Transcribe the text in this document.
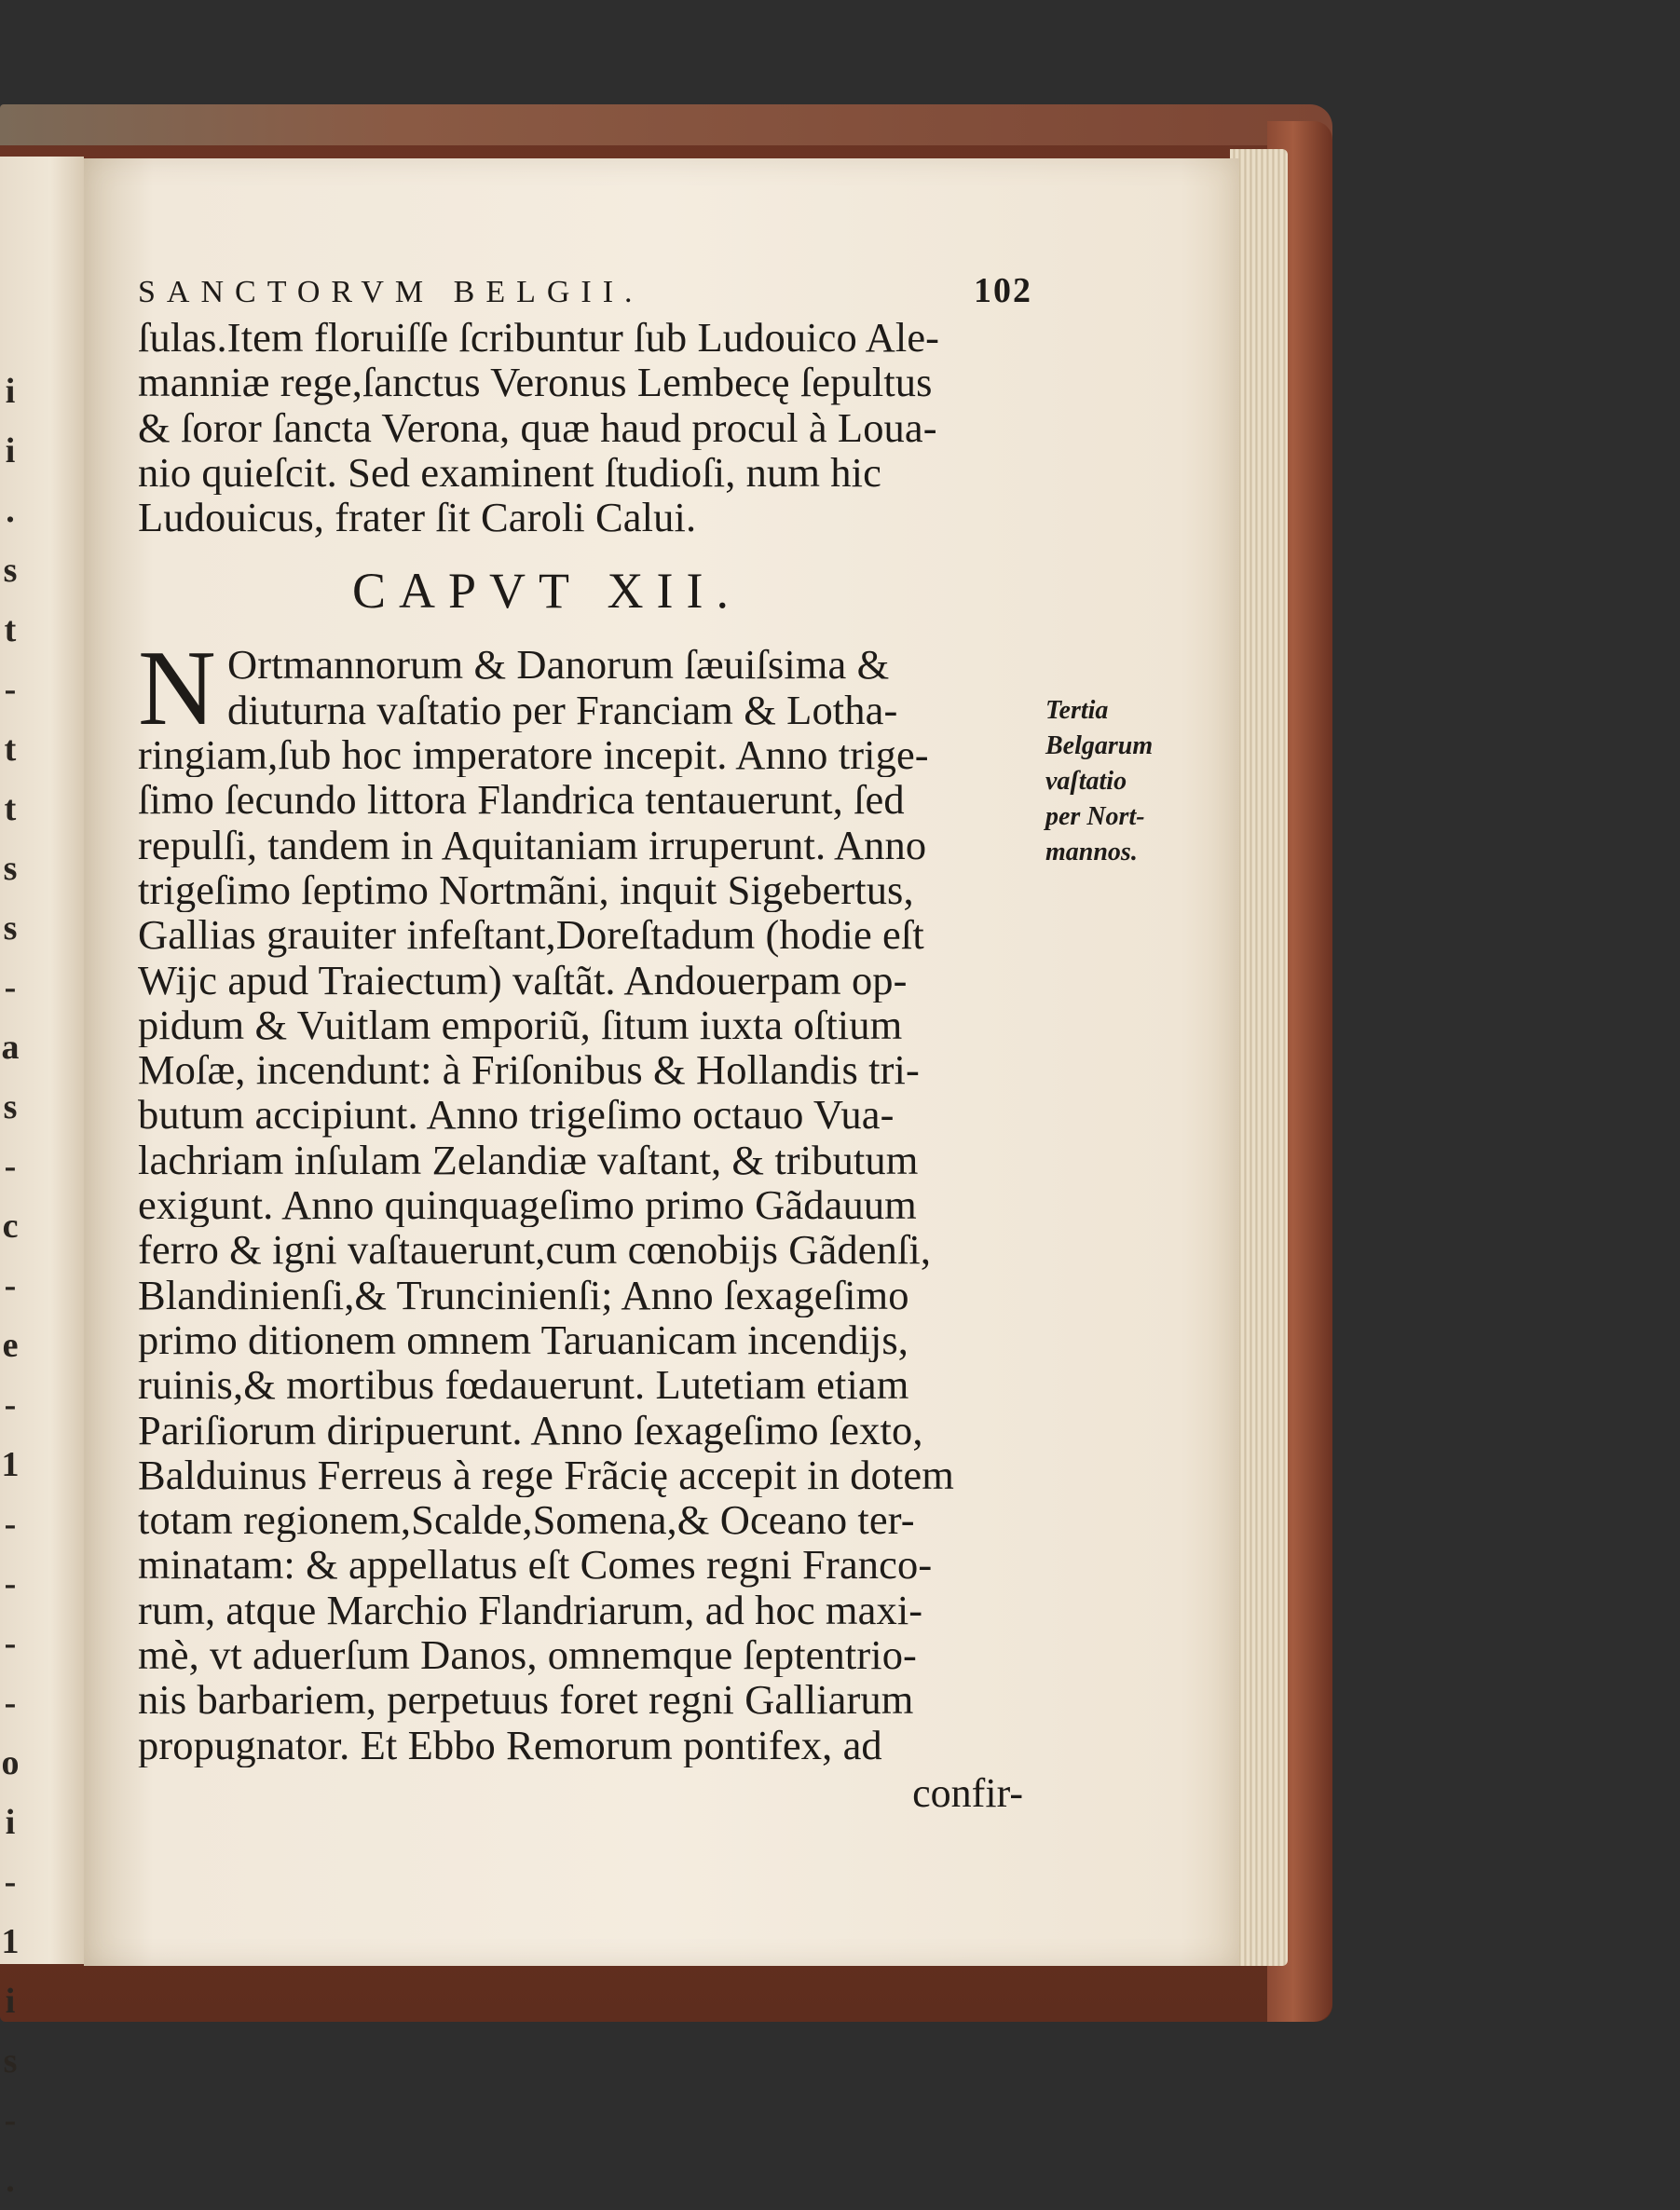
i
i
.
s
t
-
t
t
s
s
-
a
s
-
c
-
e
-
1
-
-
-
-
o
i
-
1
i
s
-
.
SANCTORVM BELGII.	102
ſulas.Item floruiſſe ſcribuntur ſub Ludouico Ale-
manniæ rege,ſanctus Veronus Lembecę ſepultus
& ſoror ſancta Verona, quæ haud procul à Loua-
nio quieſcit. Sed examinent ſtudioſi, num hic
Ludouicus, frater ſit Caroli Calui.
CAPVT XII.
N Ortmannorum & Danorum ſæuiſsima &
diuturna vaſtatio per Franciam & Lotha-
ringiam,ſub hoc imperatore incepit. Anno trige-
ſimo ſecundo littora Flandrica tentauerunt, ſed
repulſi, tandem in Aquitaniam irruperunt. Anno
trigeſimo ſeptimo Nortmãni, inquit Sigebertus,
Gallias grauiter infeſtant,Doreſtadum (hodie eſt
Wijc apud Traiectum) vaſtãt. Andouerpam op-
pidum & Vuitlam emporiũ, ſitum iuxta oſtium
Moſæ, incendunt: à Friſonibus & Hollandis tri-
butum accipiunt. Anno trigeſimo octauo Vua-
lachriam inſulam Zelandiæ vaſtant, & tributum
exigunt. Anno quinquageſimo primo Gãdauum
ferro & igni vaſtauerunt,cum cœnobijs Gãdenſi,
Blandinienſi,& Truncinienſi; Anno ſexageſimo
primo ditionem omnem Taruanicam incendijs,
ruinis,& mortibus fœdauerunt. Lutetiam etiam
Pariſiorum diripuerunt. Anno ſexageſimo ſexto,
Balduinus Ferreus à rege Frãcię accepit in dotem
totam regionem,Scalde,Somena,& Oceano ter-
minatam: & appellatus eſt Comes regni Franco-
rum, atque Marchio Flandriarum, ad hoc maxi-
mè, vt aduerſum Danos, omnemque ſeptentrio-
nis barbariem, perpetuus foret regni Galliarum
propugnator. Et Ebbo Remorum pontifex, ad
confir-
Tertia
Belgarum
vaſtatio
per Nort-
mannos.
